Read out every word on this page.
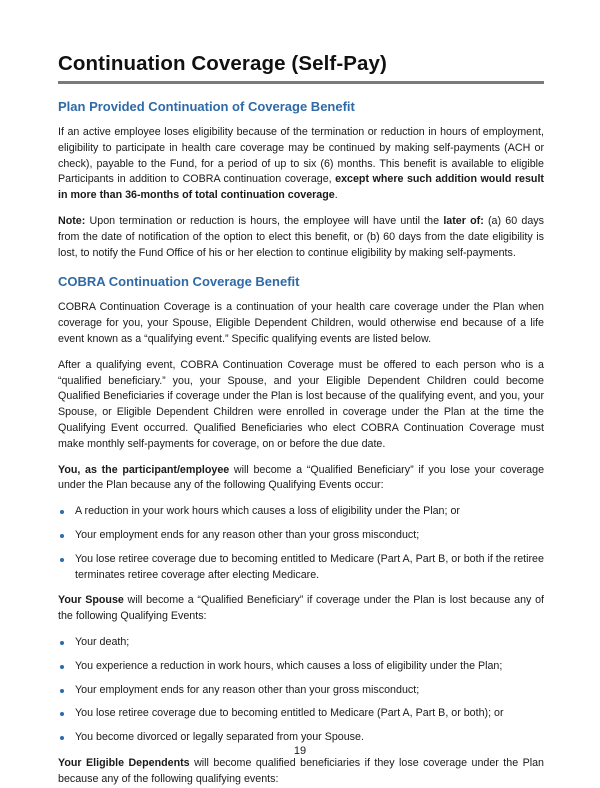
Continuation Coverage (Self-Pay)
Plan Provided Continuation of Coverage Benefit

If an active employee loses eligibility because of the termination or reduction in hours of employment, eligibility to participate in health care coverage may be continued by making self-payments (ACH or check), payable to the Fund, for a period of up to six (6) months. This benefit is available to eligible Participants in addition to COBRA continuation coverage, except where such addition would result in more than 36-months of total continuation coverage.

Note: Upon termination or reduction is hours, the employee will have until the later of: (a) 60 days from the date of notification of the option to elect this benefit, or (b) 60 days from the date eligibility is lost, to notify the Fund Office of his or her election to continue eligibility by making self-payments.

COBRA Continuation Coverage Benefit

COBRA Continuation Coverage is a continuation of your health care coverage under the Plan when coverage for you, your Spouse, Eligible Dependent Children, would otherwise end because of a life event known as a “qualifying event.” Specific qualifying events are listed below.

After a qualifying event, COBRA Continuation Coverage must be offered to each person who is a “qualified beneficiary.” you, your Spouse, and your Eligible Dependent Children could become Qualified Beneficiaries if coverage under the Plan is lost because of the qualifying event, and you, your Spouse, or Eligible Dependent Children were enrolled in coverage under the Plan at the time the Qualifying Event occurred. Qualified Beneficiaries who elect COBRA Continuation Coverage must make monthly self-payments for coverage, on or before the due date.

You, as the participant/employee will become a “Qualified Beneficiary” if you lose your coverage under the Plan because any of the following Qualifying Events occur:

A reduction in your work hours which causes a loss of eligibility under the Plan; or
Your employment ends for any reason other than your gross misconduct;
You lose retiree coverage due to becoming entitled to Medicare (Part A, Part B, or both if the retiree terminates retiree coverage after electing Medicare.

Your Spouse will become a “Qualified Beneficiary” if coverage under the Plan is lost because any of the following Qualifying Events:

Your death;
You experience a reduction in work hours, which causes a loss of eligibility under the Plan;
Your employment ends for any reason other than your gross misconduct;
You lose retiree coverage due to becoming entitled to Medicare (Part A, Part B, or both); or
You become divorced or legally separated from your Spouse.

Your Eligible Dependents will become qualified beneficiaries if they lose coverage under the Plan because any of the following qualifying events:

19
